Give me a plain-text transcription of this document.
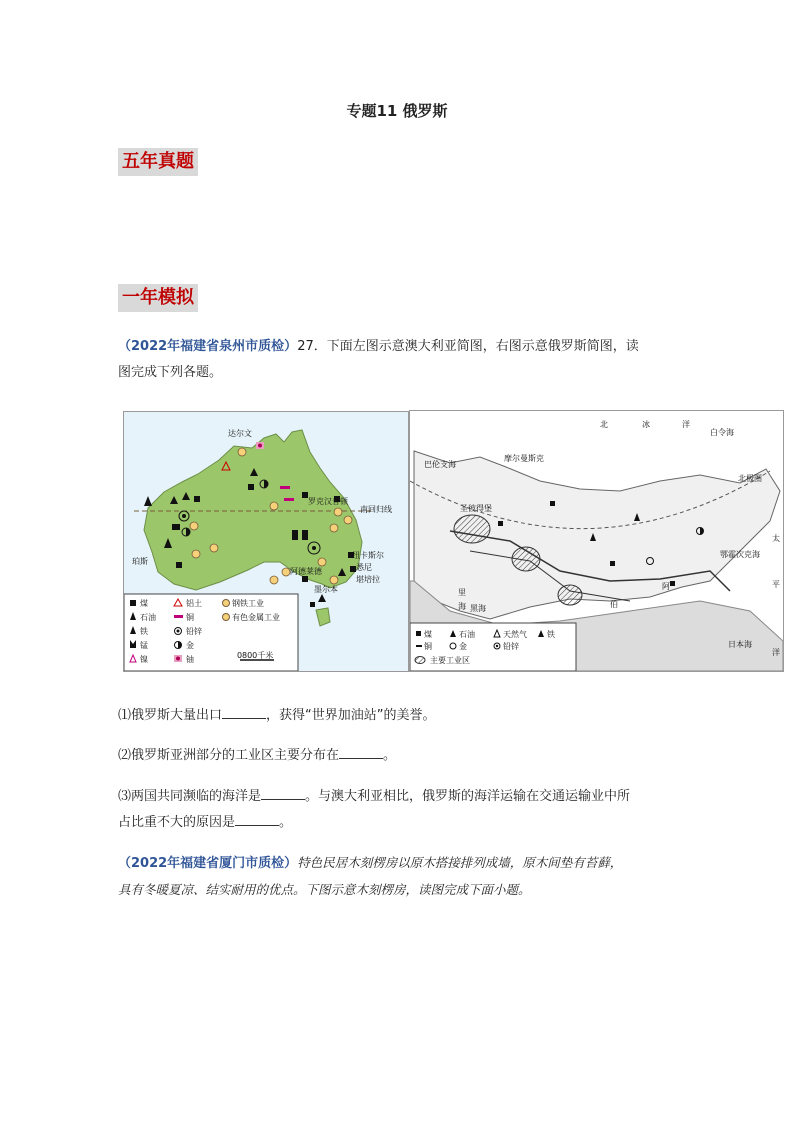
专题11 俄罗斯
五年真题
一年模拟
（2022年福建省泉州市质检）27．下面左图示意澳大利亚简图，右图示意俄罗斯简图，读
图完成下列各题。
达尔文
罗克汉普顿
南回归线
珀斯
纽卡斯尔
阿德莱德	悉尼
堪培拉
墨尔本
煤	铝土	钢铁工业
石油	铜	有色金属工业
铁	铅锌
锰	金
镍	铀	0 800千米
北	冰	洋
白令海
北极圈
巴伦支海
摩尔曼斯克
圣彼得堡
鄂霍次克海
日本海
太
平
洋
里
海 黑海	伯
阿
煤	石油	天然气	铁
铜	金	铅锌
主要工业区
⑴俄罗斯大量出口	，获得“世界加油站”的美誉。
⑵俄罗斯亚洲部分的工业区主要分布在	。
⑶两国共同濒临的海洋是	。与澳大利亚相比，俄罗斯的海洋运输在交通运输业中所
占比重不大的原因是	。
（2022年福建省厦门市质检）特色民居木刻楞房以原木搭接排列成墙，原木间垫有苔藓，
具有冬暖夏凉、结实耐用的优点。下图示意木刻楞房，读图完成下面小题。
